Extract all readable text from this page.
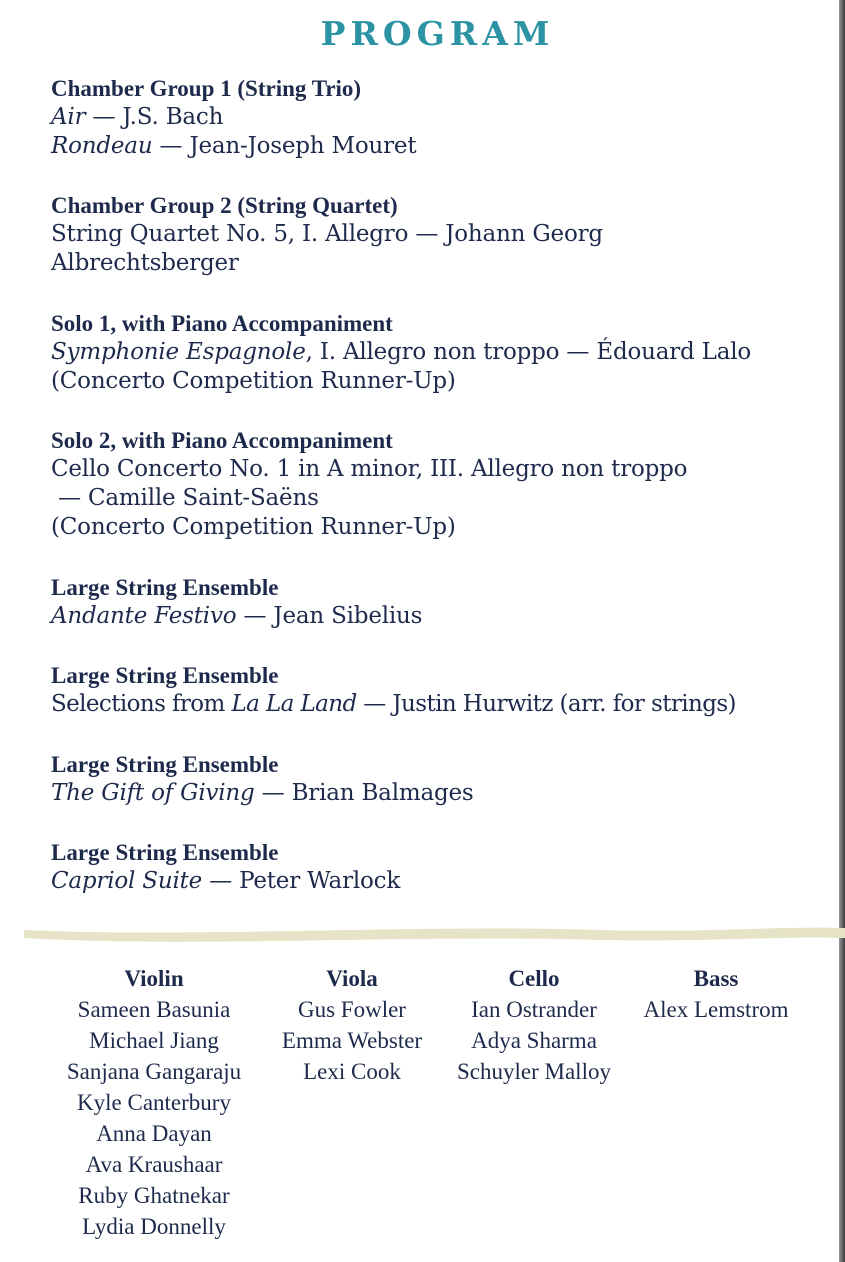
PROGRAM
Chamber Group 1 (String Trio)
Air — J.S. Bach
Rondeau — Jean-Joseph Mouret
Chamber Group 2 (String Quartet)
String Quartet No. 5, I. Allegro — Johann Georg
Albrechtsberger
Solo 1, with Piano Accompaniment
Symphonie Espagnole, I. Allegro non troppo — Édouard Lalo
(Concerto Competition Runner-Up)
Solo 2, with Piano Accompaniment
Cello Concerto No. 1 in A minor, III. Allegro non troppo
— Camille Saint-Saëns
(Concerto Competition Runner-Up)
Large String Ensemble
Andante Festivo — Jean Sibelius
Large String Ensemble
Selections from La La Land — Justin Hurwitz (arr. for strings)
Large String Ensemble
The Gift of Giving — Brian Balmages
Large String Ensemble
Capriol Suite — Peter Warlock
Violin
Sameen Basunia
Michael Jiang
Sanjana Gangaraju
Kyle Canterbury
Anna Dayan
Ava Kraushaar
Ruby Ghatnekar
Lydia Donnelly
Viola
Gus Fowler
Emma Webster
Lexi Cook
Cello
Ian Ostrander
Adya Sharma
Schuyler Malloy
Bass
Alex Lemstrom
